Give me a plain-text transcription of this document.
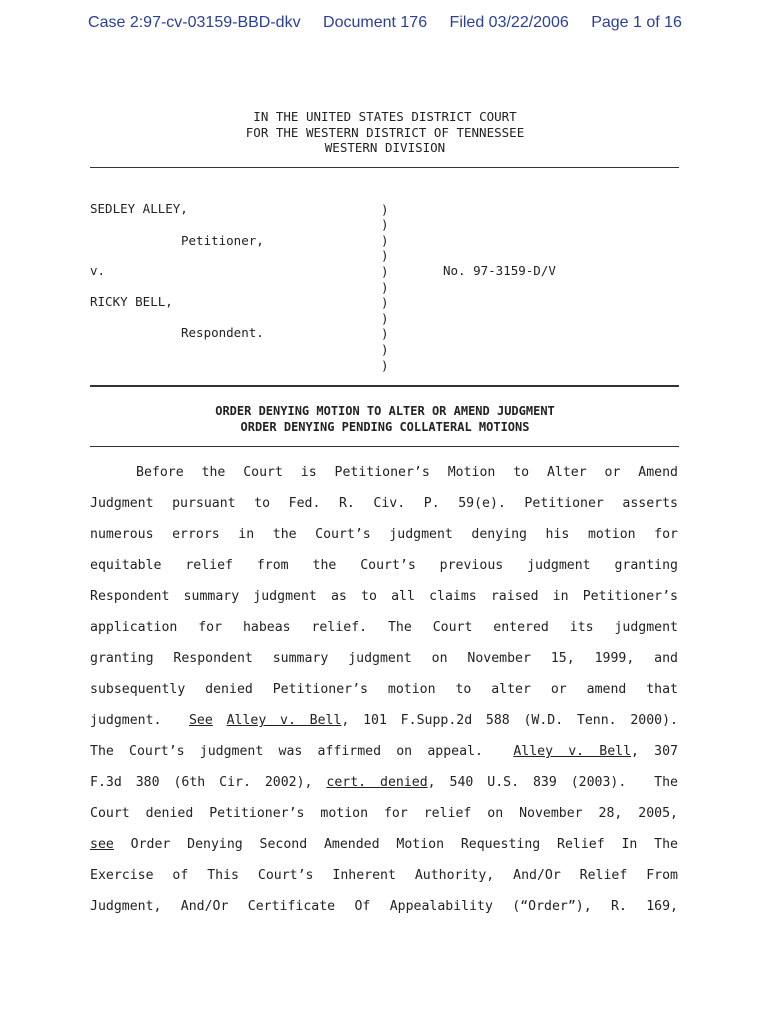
Case 2:97-cv-03159-BBD-dkv Document 176 Filed 03/22/2006 Page 1 of 16
IN THE UNITED STATES DISTRICT COURT
FOR THE WESTERN DISTRICT OF TENNESSEE
WESTERN DIVISION
SEDLEY ALLEY,
Petitioner,
v.
RICKY BELL,
Respondent.
No. 97-3159-D/V

)
)
)
)
)
)
)
)
)
)
)

ORDER DENYING MOTION TO ALTER OR AMEND JUDGMENT
ORDER DENYING PENDING COLLATERAL MOTIONS
Before the Court is Petitioner’s Motion to Alter or Amend
Judgment pursuant to Fed. R. Civ. P. 59(e). Petitioner asserts
numerous errors in the Court’s judgment denying his motion for
equitable relief from the Court’s previous judgment granting
Respondent summary judgment as to all claims raised in Petitioner’s
application for habeas relief. The Court entered its judgment
granting Respondent summary judgment on November 15, 1999, and
subsequently denied Petitioner’s motion to alter or amend that
judgment. See Alley v. Bell, 101 F.Supp.2d 588 (W.D. Tenn. 2000).
The Court’s judgment was affirmed on appeal. Alley v. Bell, 307
F.3d 380 (6th Cir. 2002), cert. denied, 540 U.S. 839 (2003).  The
Court denied Petitioner’s motion for relief on November 28, 2005,
see Order Denying Second Amended Motion Requesting Relief In The
Exercise of This Court’s Inherent Authority, And/Or Relief From
Judgment, And/Or Certificate Of Appealability (“Order”), R. 169,
